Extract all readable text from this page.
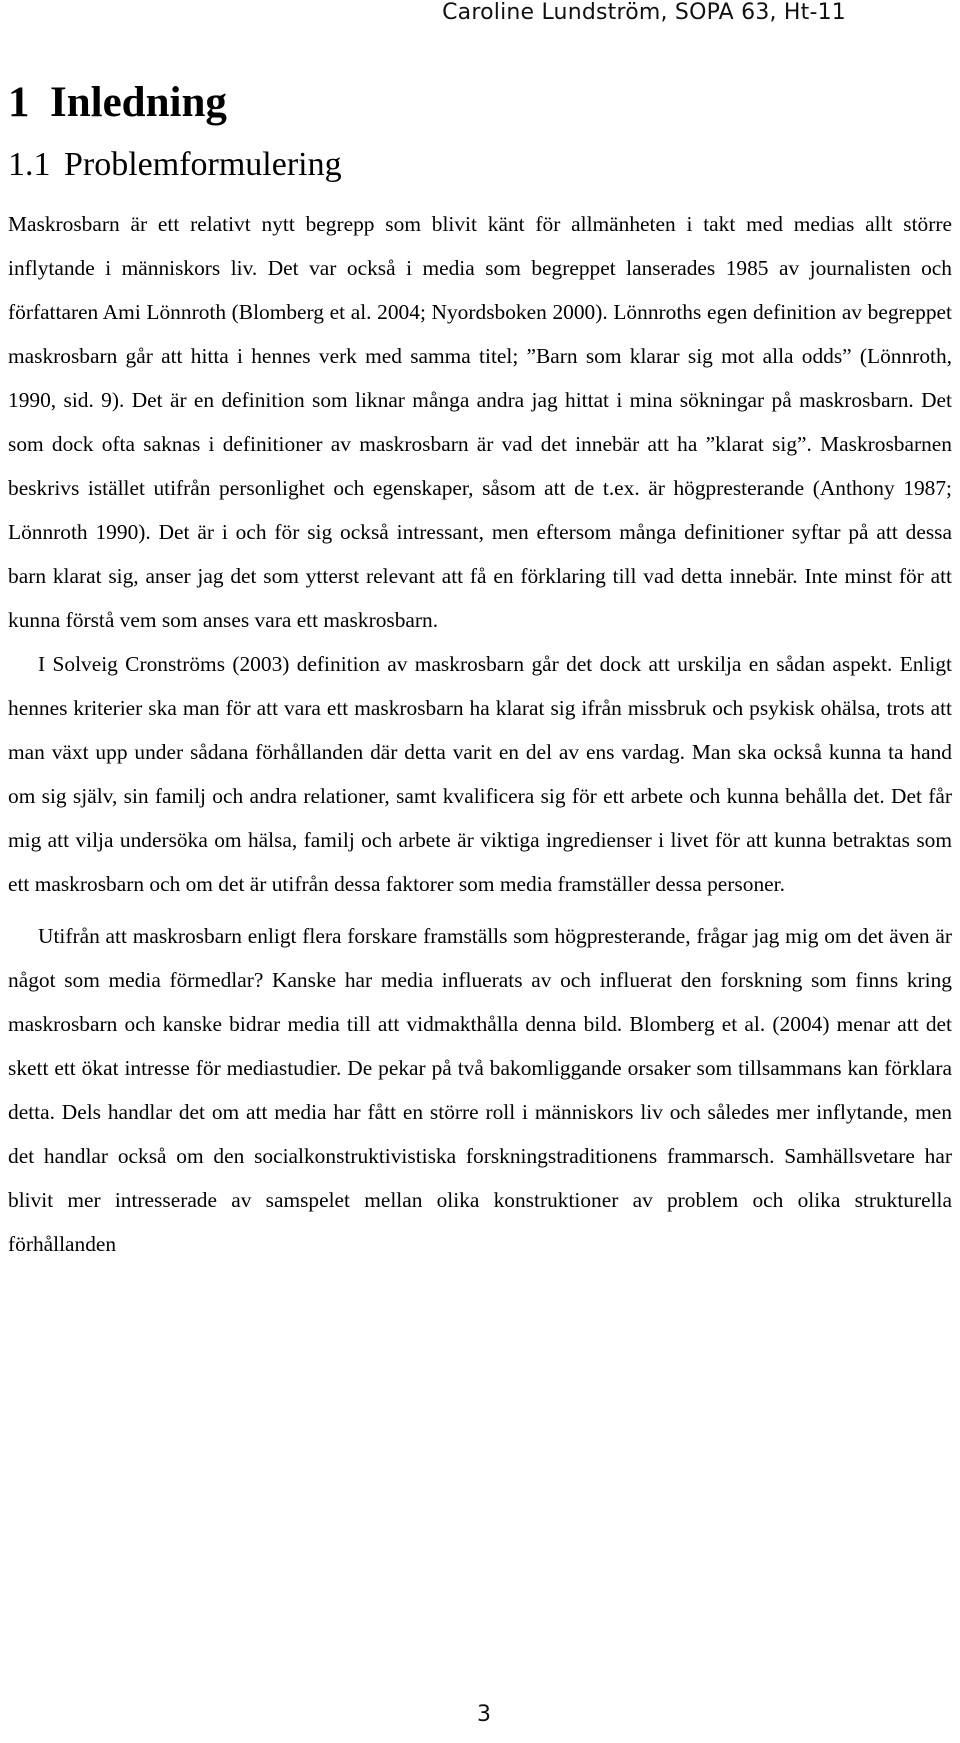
Caroline Lundström, SOPA 63, Ht-11
1 Inledning
1.1 Problemformulering

Maskrosbarn är ett relativt nytt begrepp som blivit känt för allmänheten i takt med medias allt större inflytande i människors liv. Det var också i media som begreppet lanserades 1985 av journalisten och författaren Ami Lönnroth (Blomberg et al. 2004; Nyordsboken 2000). Lönnroths egen definition av begreppet maskrosbarn går att hitta i hennes verk med samma titel; ”Barn som klarar sig mot alla odds” (Lönnroth, 1990, sid. 9). Det är en definition som liknar många andra jag hittat i mina sökningar på maskrosbarn. Det som dock ofta saknas i definitioner av maskrosbarn är vad det innebär att ha ”klarat sig”. Maskrosbarnen beskrivs istället utifrån personlighet och egenskaper, såsom att de t.ex. är högpresterande (Anthony 1987; Lönnroth 1990). Det är i och för sig också intressant, men eftersom många definitioner syftar på att dessa barn klarat sig, anser jag det som ytterst relevant att få en förklaring till vad detta innebär. Inte minst för att kunna förstå vem som anses vara ett maskrosbarn.

I Solveig Cronströms (2003) definition av maskrosbarn går det dock att urskilja en sådan aspekt. Enligt hennes kriterier ska man för att vara ett maskrosbarn ha klarat sig ifrån missbruk och psykisk ohälsa, trots att man växt upp under sådana förhållanden där detta varit en del av ens vardag. Man ska också kunna ta hand om sig själv, sin familj och andra relationer, samt kvalificera sig för ett arbete och kunna behålla det. Det får mig att vilja undersöka om hälsa, familj och arbete är viktiga ingredienser i livet för att kunna betraktas som ett maskrosbarn och om det är utifrån dessa faktorer som media framställer dessa personer.

Utifrån att maskrosbarn enligt flera forskare framställs som högpresterande, frågar jag mig om det även är något som media förmedlar? Kanske har media influerats av och influerat den forskning som finns kring maskrosbarn och kanske bidrar media till att vidmakthålla denna bild. Blomberg et al. (2004) menar att det skett ett ökat intresse för mediastudier. De pekar på två bakomliggande orsaker som tillsammans kan förklara detta. Dels handlar det om att media har fått en större roll i människors liv och således mer inflytande, men det handlar också om den socialkonstruktivistiska forskningstraditionens frammarsch. Samhällsvetare har blivit mer intresserade av samspelet mellan olika konstruktioner av problem och olika strukturella förhållanden

3
